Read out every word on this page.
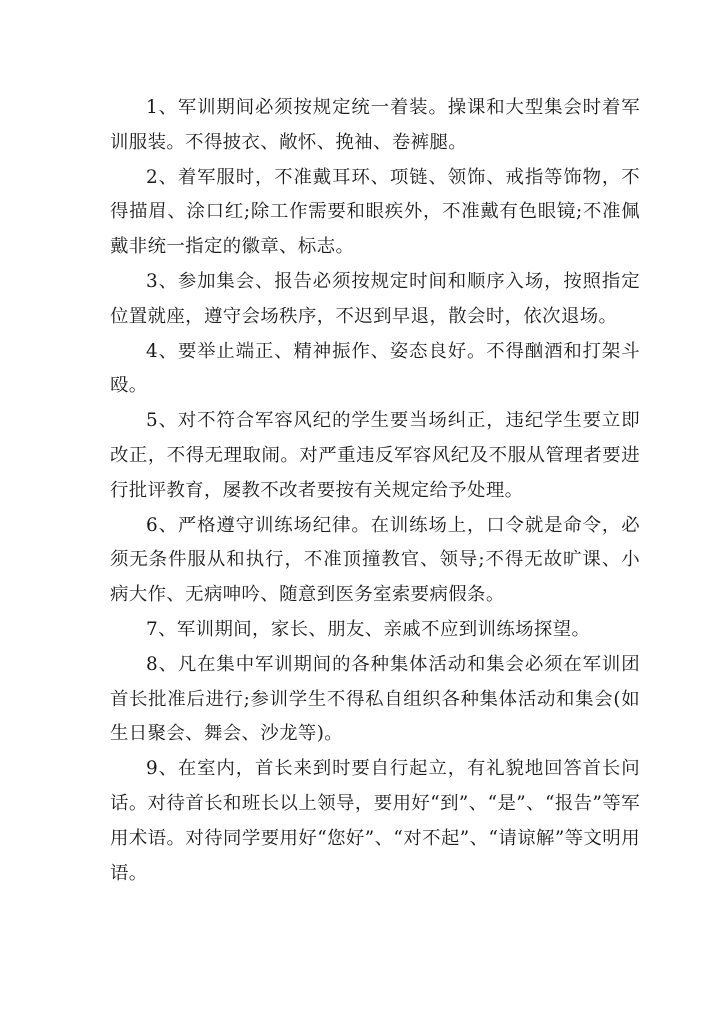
1、军训期间必须按规定统一着装。操课和大型集会时着军训服装。不得披衣、敞怀、挽袖、卷裤腿。

2、着军服时，不准戴耳环、项链、领饰、戒指等饰物，不得描眉、涂口红;除工作需要和眼疾外，不准戴有色眼镜;不准佩戴非统一指定的徽章、标志。

3、参加集会、报告必须按规定时间和顺序入场，按照指定位置就座，遵守会场秩序，不迟到早退，散会时，依次退场。

4、要举止端正、精神振作、姿态良好。不得酗酒和打架斗殴。

5、对不符合军容风纪的学生要当场纠正，违纪学生要立即改正，不得无理取闹。对严重违反军容风纪及不服从管理者要进行批评教育，屡教不改者要按有关规定给予处理。

6、严格遵守训练场纪律。在训练场上，口令就是命令，必须无条件服从和执行，不准顶撞教官、领导;不得无故旷课、小病大作、无病呻吟、随意到医务室索要病假条。

7、军训期间，家长、朋友、亲戚不应到训练场探望。

8、凡在集中军训期间的各种集体活动和集会必须在军训团首长批准后进行;参训学生不得私自组织各种集体活动和集会(如生日聚会、舞会、沙龙等)。

9、在室内，首长来到时要自行起立，有礼貌地回答首长问话。对待首长和班长以上领导，要用好“到”、“是”、“报告”等军用术语。对待同学要用好“您好”、“对不起”、“请谅解”等文明用语。
